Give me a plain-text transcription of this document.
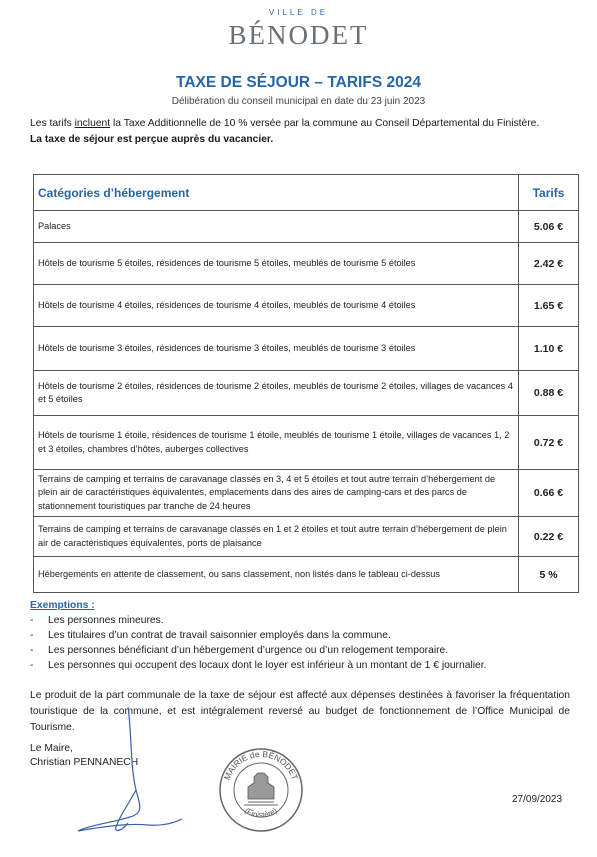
VILLE DE
BÉNODET
TAXE DE SÉJOUR – TARIFS 2024
Délibération du conseil municipal en date du 23 juin 2023
Les tarifs incluent la Taxe Additionnelle de 10 % versée par la commune au Conseil Départemental du Finistère.
La taxe de séjour est perçue auprès du vacancier.
Catégories d’hébergement	Tarifs
Palaces	5.06 €
Hôtels de tourisme 5 étoiles, résidences de tourisme 5 étoiles, meublés de tourisme 5 étoiles	2.42 €
Hôtels de tourisme 4 étoiles, résidences de tourisme 4 étoiles, meublés de tourisme 4 étoiles	1.65 €
Hôtels de tourisme 3 étoiles, résidences de tourisme 3 étoiles, meublés de tourisme 3 étoiles	1.10 €
Hôtels de tourisme 2 étoiles, résidences de tourisme 2 étoiles, meublés de tourisme 2 étoiles, villages de vacances 4 et 5 étoiles	0.88 €
Hôtels de tourisme 1 étoile, résidences de tourisme 1 étoile, meublés de tourisme 1 étoile, villages de vacances 1, 2 et 3 étoiles, chambres d’hôtes, auberges collectives	0.72 €
Terrains de camping et terrains de caravanage classés en 3, 4 et 5 étoiles et tout autre terrain d’hébergement de plein air de caractéristiques équivalentes, emplacements dans des aires de camping-cars et des parcs de stationnement touristiques par tranche de 24 heures	0.66 €
Terrains de camping et terrains de caravanage classés en 1 et 2 étoiles et tout autre terrain d’hébergement de plein air de caractéristiques équivalentes, ports de plaisance	0.22 €
Hébergements en attente de classement, ou sans classement, non listés dans le tableau ci-dessus	5 %
Exemptions :
-	Les personnes mineures.
-	Les titulaires d’un contrat de travail saisonnier employés dans la commune.
-	Les personnes bénéficiant d’un hébergement d’urgence ou d’un relogement temporaire.
-	Les personnes qui occupent des locaux dont le loyer est inférieur à un montant de 1 € journalier.
Le produit de la part communale de la taxe de séjour est affecté aux dépenses destinées à favoriser la fréquentation touristique de la commune, et est intégralement reversé au budget de fonctionnement de l’Office Municipal de Tourisme.
Le Maire,
Christian PENNANECH
MAIRIE de BÉNODET
(Finistère)
27/09/2023
